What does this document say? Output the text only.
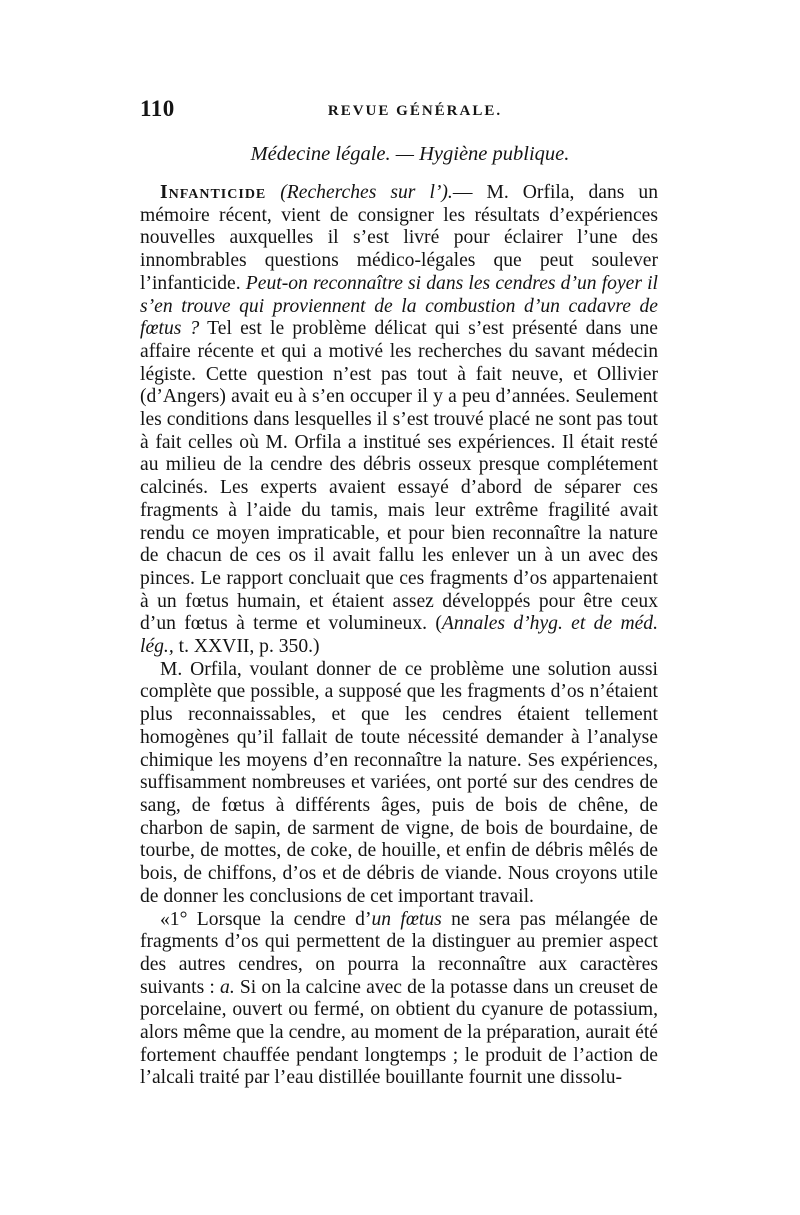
110	REVUE GÉNÉRALE.
Médecine légale. — Hygiène publique.

Infanticide (Recherches sur l’).— M. Orfila, dans un mémoire récent, vient de consigner les résultats d’expériences nouvelles auxquelles il s’est livré pour éclairer l’une des innombrables questions médico-légales que peut soulever l’infanticide. Peut-on reconnaître si dans les cendres d’un foyer il s’en trouve qui proviennent de la combustion d’un cadavre de fœtus ? Tel est le problème délicat qui s’est présenté dans une affaire récente et qui a motivé les recherches du savant médecin légiste. Cette question n’est pas tout à fait neuve, et Ollivier (d’Angers) avait eu à s’en occuper il y a peu d’années. Seulement les conditions dans lesquelles il s’est trouvé placé ne sont pas tout à fait celles où M. Orfila a institué ses expériences. Il était resté au milieu de la cendre des débris osseux presque complétement calcinés. Les experts avaient essayé d’abord de séparer ces fragments à l’aide du tamis, mais leur extrême fragilité avait rendu ce moyen impraticable, et pour bien reconnaître la nature de chacun de ces os il avait fallu les enlever un à un avec des pinces. Le rapport concluait que ces fragments d’os appartenaient à un fœtus humain, et étaient assez développés pour être ceux d’un fœtus à terme et volumineux. (Annales d’hyg. et de méd. lég., t. XXVII, p. 350.)

M. Orfila, voulant donner de ce problème une solution aussi complète que possible, a supposé que les fragments d’os n’étaient plus reconnaissables, et que les cendres étaient tellement homogènes qu’il fallait de toute nécessité demander à l’analyse chimique les moyens d’en reconnaître la nature. Ses expériences, suffisamment nombreuses et variées, ont porté sur des cendres de sang, de fœtus à différents âges, puis de bois de chêne, de charbon de sapin, de sarment de vigne, de bois de bourdaine, de tourbe, de mottes, de coke, de houille, et enfin de débris mêlés de bois, de chiffons, d’os et de débris de viande. Nous croyons utile de donner les conclusions de cet important travail.

«1° Lorsque la cendre d’un fœtus ne sera pas mélangée de fragments d’os qui permettent de la distinguer au premier aspect des autres cendres, on pourra la reconnaître aux caractères suivants : a. Si on la calcine avec de la potasse dans un creuset de porcelaine, ouvert ou fermé, on obtient du cyanure de potassium, alors même que la cendre, au moment de la préparation, aurait été fortement chauffée pendant longtemps ; le produit de l’action de l’alcali traité par l’eau distillée bouillante fournit une dissolu-
